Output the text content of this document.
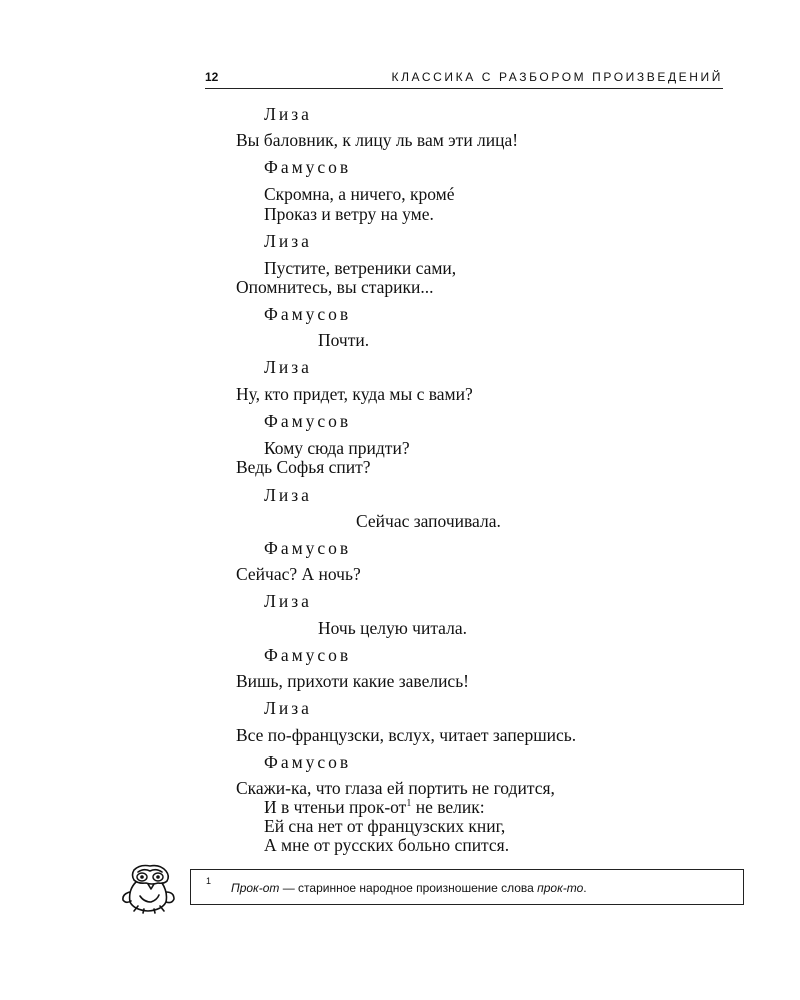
12	КЛАССИКА С РАЗБОРОМ ПРОИЗВЕДЕНИЙ
Лиза
Вы баловник, к лицу ль вам эти лица!
Фамусов
Скромна, а ничего, кромé
Проказ и ветру на уме.
Лиза
Пустите, ветреники сами,
Опомнитесь, вы старики...
Фамусов
Почти.
Лиза
Ну, кто придет, куда мы с вами?
Фамусов
Кому сюда придти?
Ведь Софья спит?
Лиза
Сейчас започивала.
Фамусов
Сейчас? А ночь?
Лиза
Ночь целую читала.
Фамусов
Вишь, прихоти какие завелись!
Лиза
Все по-французски, вслух, читает запершись.
Фамусов
Скажи-ка, что глаза ей портить не годится,
И в чтеньи прок-$от^1$ не велик:
Ей сна нет от французских книг,
А мне от русских больно спится.
1 Прок-от — старинное народное произношение слова прок-то.
